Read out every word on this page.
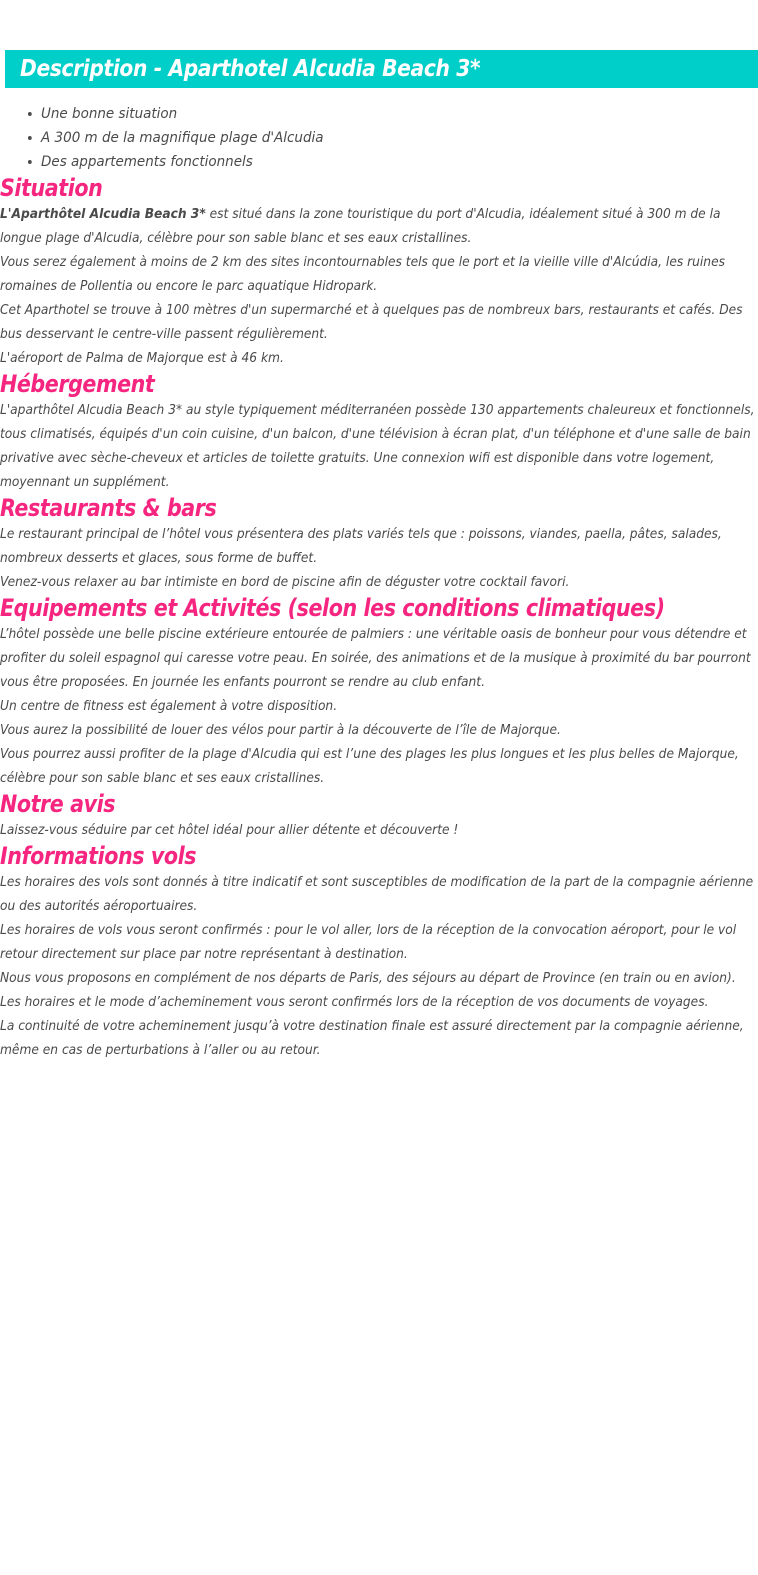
Description - Aparthotel Alcudia Beach 3*
Une bonne situation
A 300 m de la magnifique plage d'Alcudia
Des appartements fonctionnels
Situation

L'Aparthôtel Alcudia Beach 3* est situé dans la zone touristique du port d'Alcudia, idéalement situé à 300 m de la longue plage d'Alcudia, célèbre pour son sable blanc et ses eaux cristallines.

Vous serez également à moins de 2 km des sites incontournables tels que le port et la vieille ville d'Alcúdia, les ruines romaines de Pollentia ou encore le parc aquatique Hidropark.

Cet Aparthotel se trouve à 100 mètres d'un supermarché et à quelques pas de nombreux bars, restaurants et cafés. Des bus desservant le centre-ville passent régulièrement.

L'aéroport de Palma de Majorque est à 46 km.

Hébergement

L'aparthôtel Alcudia Beach 3* au style typiquement méditerranéen possède 130 appartements chaleureux et fonctionnels, tous climatisés, équipés d'un coin cuisine, d'un balcon, d'une télévision à écran plat, d'un téléphone et d'une salle de bain privative avec sèche-cheveux et articles de toilette gratuits. Une connexion wifi est disponible dans votre logement, moyennant un supplément.

Restaurants & bars

Le restaurant principal de l’hôtel vous présentera des plats variés tels que : poissons, viandes, paella, pâtes, salades, nombreux desserts et glaces, sous forme de buffet.

Venez-vous relaxer au bar intimiste en bord de piscine afin de déguster votre cocktail favori.

Equipements et Activités (selon les conditions climatiques)

L’hôtel possède une belle piscine extérieure entourée de palmiers : une véritable oasis de bonheur pour vous détendre et profiter du soleil espagnol qui caresse votre peau. En soirée, des animations et de la musique à proximité du bar pourront vous être proposées. En journée les enfants pourront se rendre au club enfant.

Un centre de fitness est également à votre disposition.

Vous aurez la possibilité de louer des vélos pour partir à la découverte de l’île de Majorque.

Vous pourrez aussi profiter de la plage d'Alcudia qui est l’une des plages les plus longues et les plus belles de Majorque, célèbre pour son sable blanc et ses eaux cristallines.

Notre avis

Laissez-vous séduire par cet hôtel idéal pour allier détente et découverte !

Informations vols

Les horaires des vols sont donnés à titre indicatif et sont susceptibles de modification de la part de la compagnie aérienne ou des autorités aéroportuaires.

Les horaires de vols vous seront confirmés : pour le vol aller, lors de la réception de la convocation aéroport, pour le vol retour directement sur place par notre représentant à destination.

Nous vous proposons en complément de nos départs de Paris, des séjours au départ de Province (en train ou en avion).

Les horaires et le mode d’acheminement vous seront confirmés lors de la réception de vos documents de voyages.

La continuité de votre acheminement jusqu’à votre destination finale est assuré directement par la compagnie aérienne, même en cas de perturbations à l’aller ou au retour.
